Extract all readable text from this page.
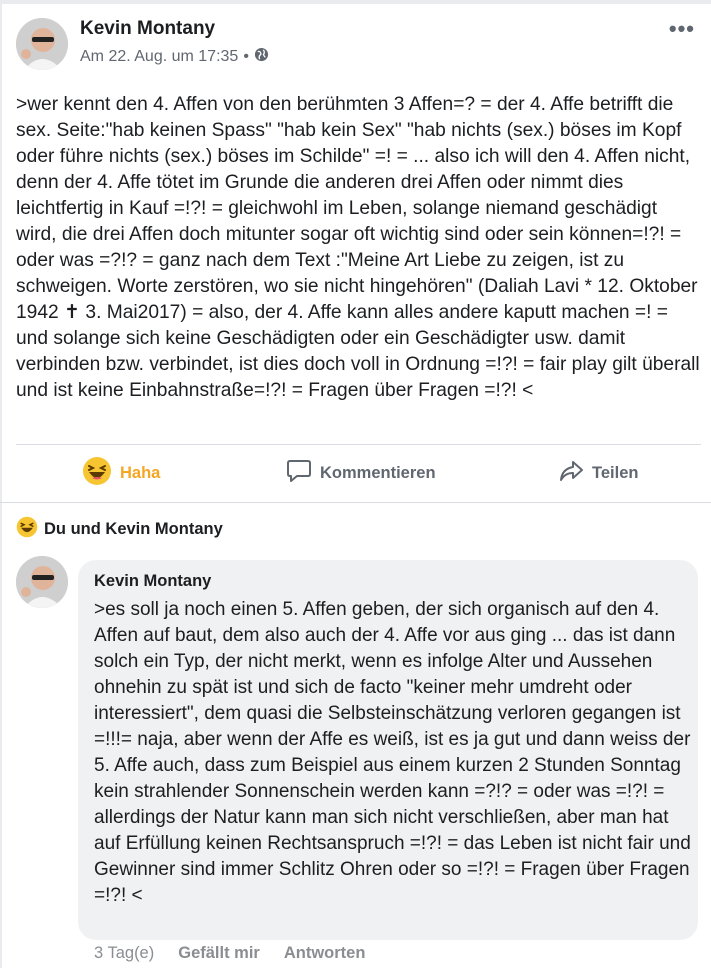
Kevin Montany
Am 22. Aug. um 17:35 •
•••
>wer kennt den 4. Affen von den berühmten 3 Affen=? = der 4. Affe betrifft die sex. Seite:"hab keinen Spass" "hab kein Sex" "hab nichts (sex.) böses im Kopf oder führe nichts (sex.) böses im Schilde" =! = ... also ich will den 4. Affen nicht, denn der 4. Affe tötet im Grunde die anderen drei Affen oder nimmt dies leichtfertig in Kauf =!?! = gleichwohl im Leben, solange niemand geschädigt wird, die drei Affen doch mitunter sogar oft wichtig sind oder sein können=!?! = oder was =?!? = ganz nach dem Text :"Meine Art Liebe zu zeigen, ist zu schweigen. Worte zerstören, wo sie nicht hingehören" (Daliah Lavi * 12. Oktober 1942 ✝ 3. Mai2017) = also, der 4. Affe kann alles andere kaputt machen =! = und solange sich keine Geschädigten oder ein Geschädigter usw. damit verbinden bzw. verbindet, ist dies doch voll in Ordnung =!?! = fair play gilt überall und ist keine Einbahnstraße=!?! = Fragen über Fragen =!?! <
Haha	Kommentieren	Teilen
Du und Kevin Montany
Kevin Montany
>es soll ja noch einen 5. Affen geben, der sich organisch auf den 4. Affen auf baut, dem also auch der 4. Affe vor aus ging ... das ist dann solch ein Typ, der nicht merkt, wenn es infolge Alter und Aussehen ohnehin zu spät ist und sich de facto "keiner mehr umdreht oder interessiert", dem quasi die Selbsteinschätzung verloren gegangen ist =!!!= naja, aber wenn der Affe es weiß, ist es ja gut und dann weiss der 5. Affe auch, dass zum Beispiel aus einem kurzen 2 Stunden Sonntag kein strahlender Sonnenschein werden kann =?!? = oder was =!?! = allerdings der Natur kann man sich nicht verschließen, aber man hat auf Erfüllung keinen Rechtsanspruch =!?! = das Leben ist nicht fair und Gewinner sind immer Schlitz Ohren oder so =!?! = Fragen über Fragen =!?! <
3 Tag(e) Gefällt mir Antworten
